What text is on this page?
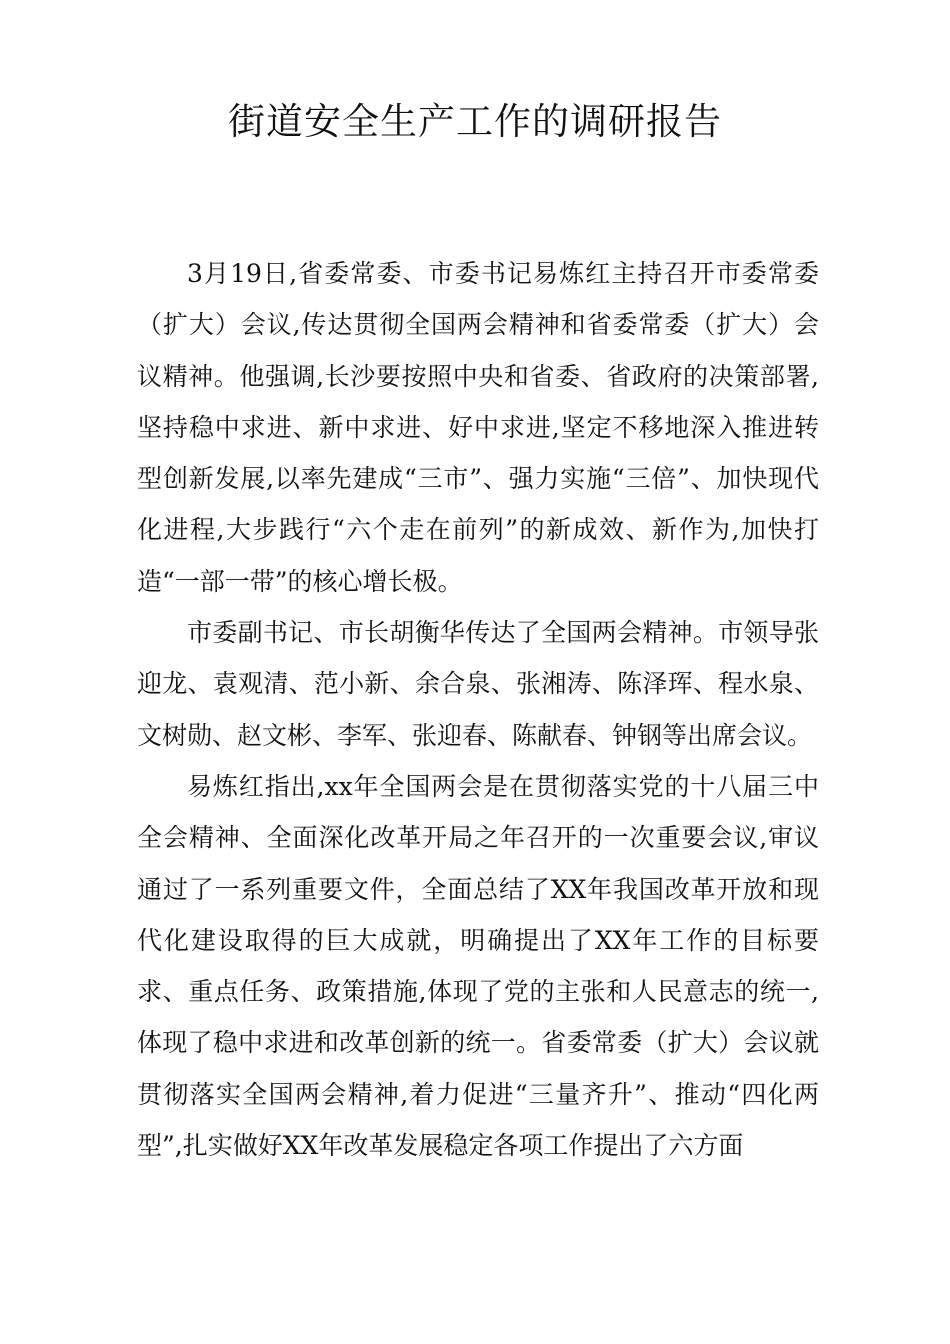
街道安全生产工作的调研报告

3月19日,省委常委、市委书记易炼红主持召开市委常委（扩大）会议,传达贯彻全国两会精神和省委常委（扩大）会议精神。他强调,长沙要按照中央和省委、省政府的决策部署,坚持稳中求进、新中求进、好中求进,坚定不移地深入推进转型创新发展,以率先建成“三市”、强力实施“三倍”、加快现代化进程,大步践行“六个走在前列”的新成效、新作为,加快打造“一部一带”的核心增长极。

市委副书记、市长胡衡华传达了全国两会精神。市领导张迎龙、袁观清、范小新、余合泉、张湘涛、陈泽珲、程水泉、文树勋、赵文彬、李军、张迎春、陈献春、钟钢等出席会议。

易炼红指出,xx年全国两会是在贯彻落实党的十八届三中全会精神、全面深化改革开局之年召开的一次重要会议,审议通过了一系列重要文件，全面总结了XX年我国改革开放和现代化建设取得的巨大成就，明确提出了XX年工作的目标要求、重点任务、政策措施,体现了党的主张和人民意志的统一,体现了稳中求进和改革创新的统一。省委常委（扩大）会议就贯彻落实全国两会精神,着力促进“三量齐升”、推动“四化两型”,扎实做好XX年改革发展稳定各项工作提出了六方面
